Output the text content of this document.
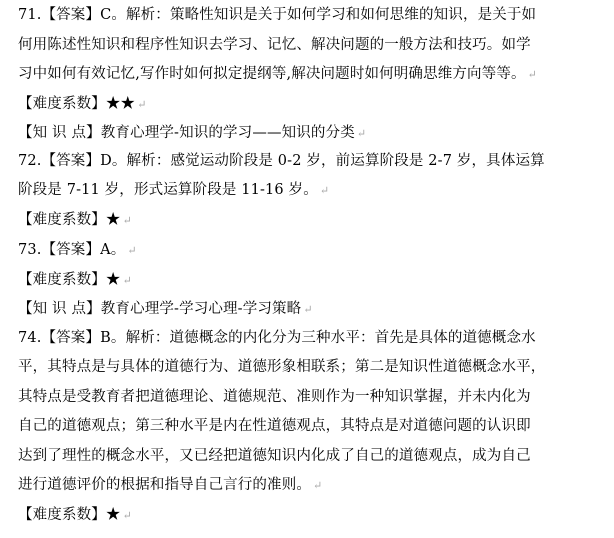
71.【答案】C。解析：策略性知识是关于如何学习和如何思维的知识，是关于如
何用陈述性知识和程序性知识去学习、记忆、解决问题的一般方法和技巧。如学
习中如何有效记忆,写作时如何拟定提纲等,解决问题时如何明确思维方向等等。 ↵
【难度系数】★★ ↵
【知 识 点】教育心理学-知识的学习——知识的分类 ↵
72.【答案】D。解析：感觉运动阶段是 0-2 岁，前运算阶段是 2-7 岁，具体运算
阶段是 7-11 岁，形式运算阶段是 11-16 岁。 ↵
【难度系数】★ ↵
73.【答案】A。 ↵
【难度系数】★ ↵
【知 识 点】教育心理学-学习心理-学习策略 ↵
74.【答案】B。解析：道德概念的内化分为三种水平：首先是具体的道德概念水
平，其特点是与具体的道德行为、道德形象相联系；第二是知识性道德概念水平，
其特点是受教育者把道德理论、道德规范、准则作为一种知识掌握，并未内化为
自己的道德观点；第三种水平是内在性道德观点，其特点是对道德问题的认识即
达到了理性的概念水平，又已经把道德知识内化成了自己的道德观点，成为自己
进行道德评价的根据和指导自己言行的准则。 ↵
【难度系数】★ ↵
